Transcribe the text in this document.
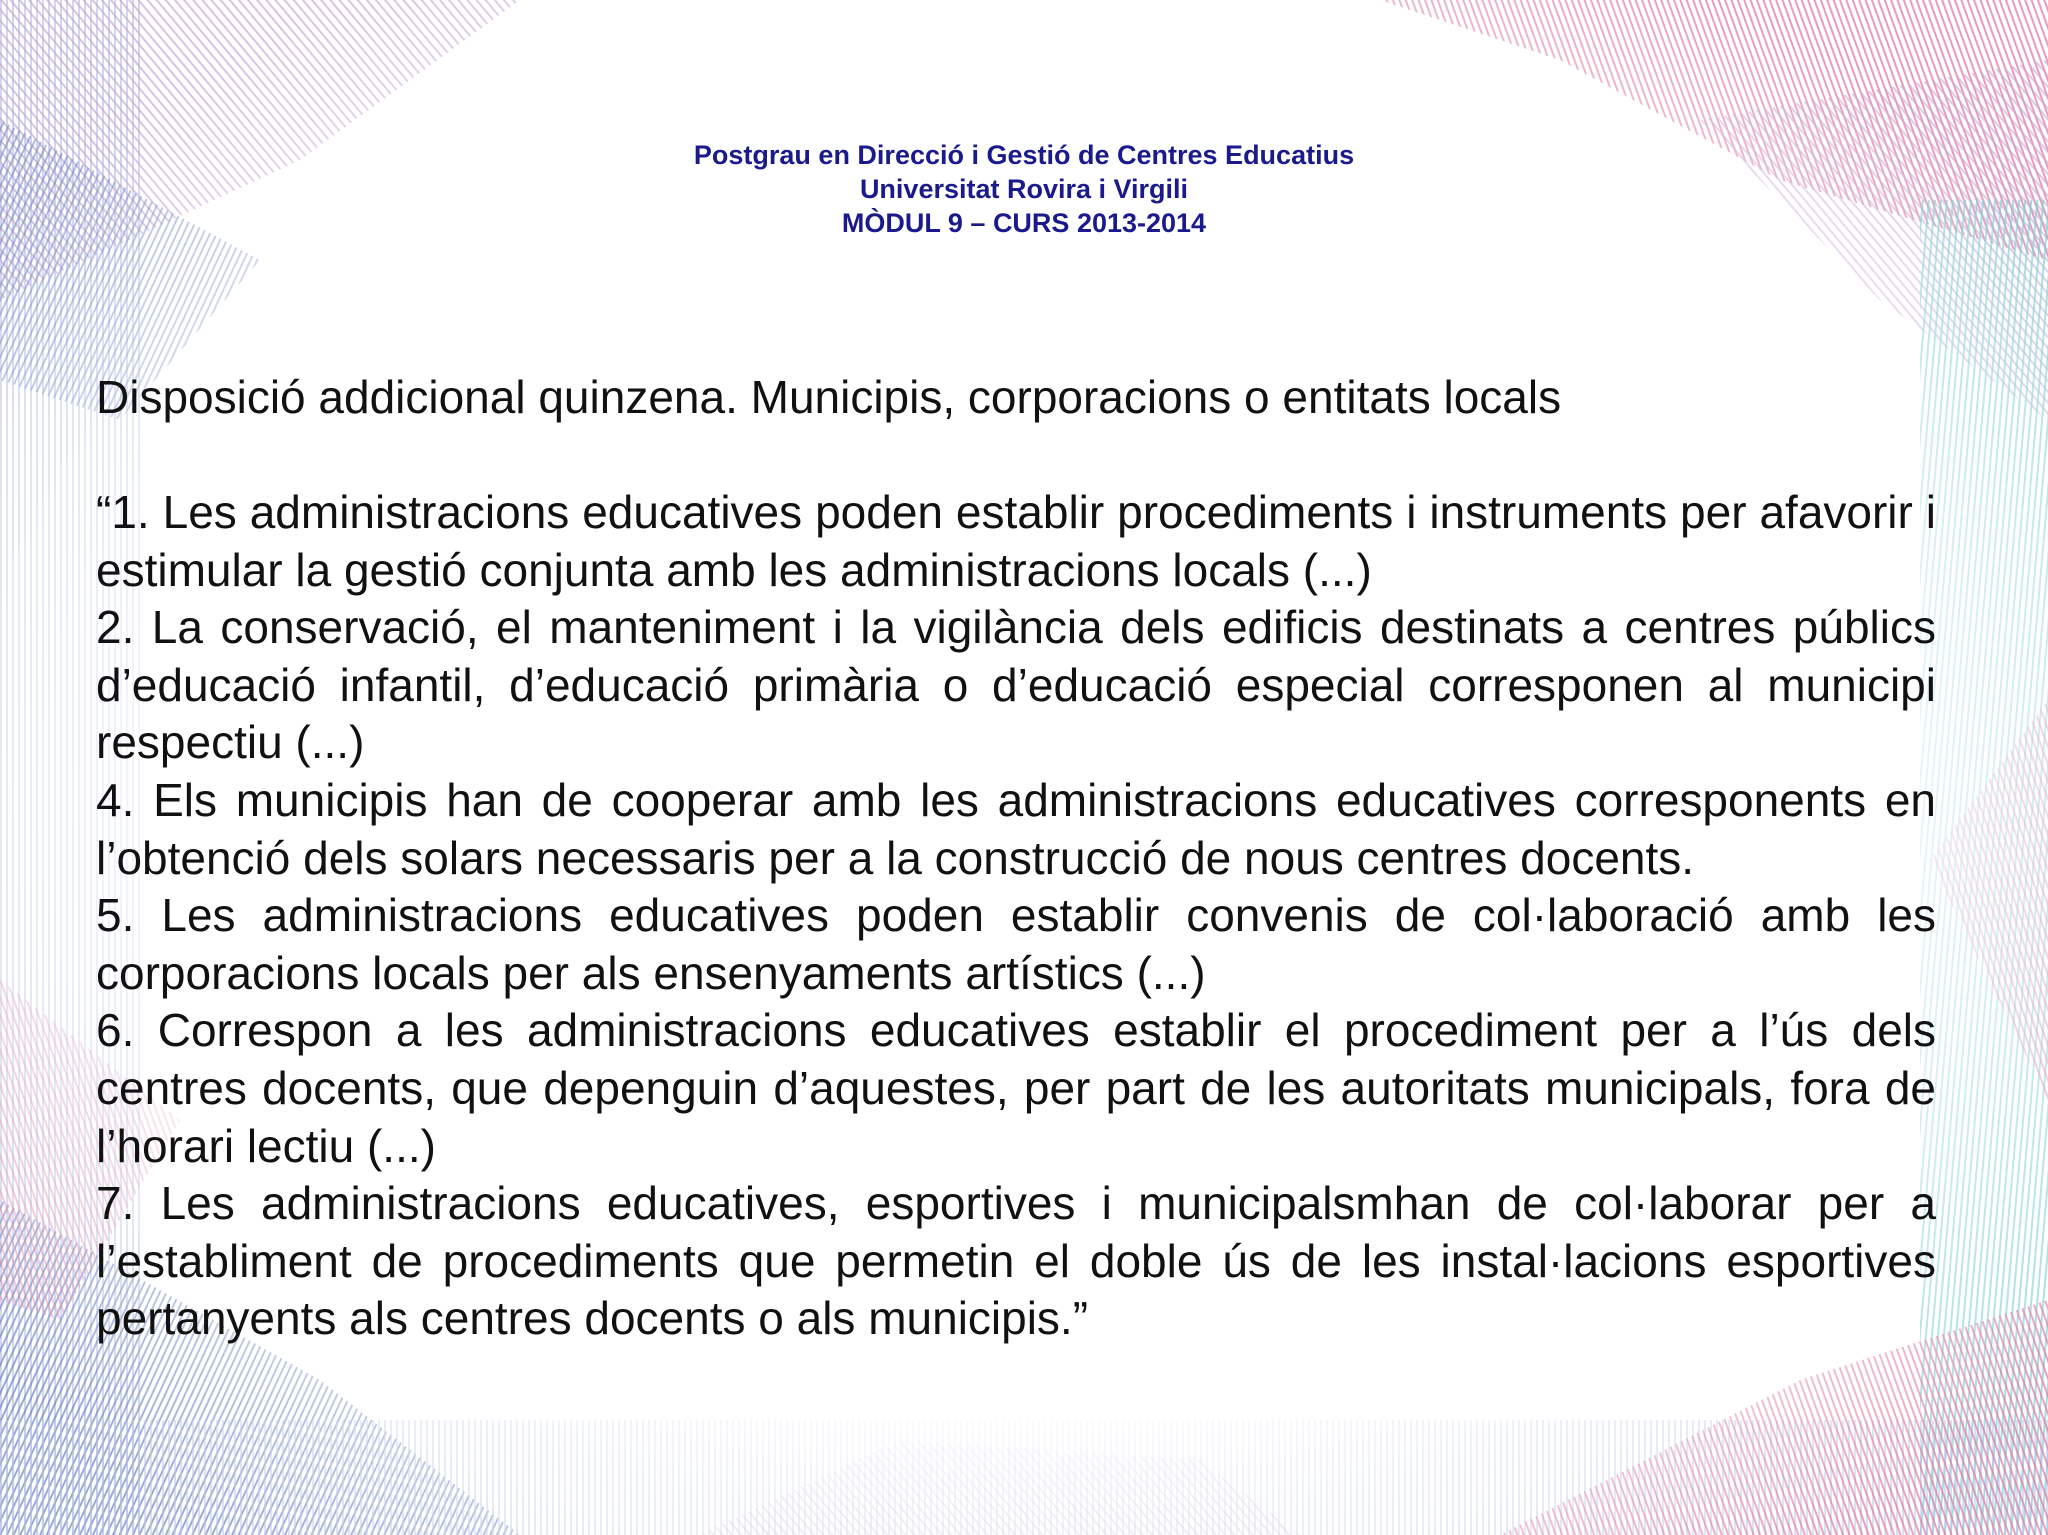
Postgrau en Direcció i Gestió de Centres Educatius
Universitat Rovira i Virgili
MÒDUL 9 – CURS 2013-2014
Disposició addicional quinzena. Municipis, corporacions o entitats locals

“1. Les administracions educatives poden establir procediments i instruments per afavorir i estimular la gestió conjunta amb les administracions locals (...)

2. La conservació, el manteniment i la vigilància dels edificis destinats a centres públics d’educació infantil, d’educació primària o d’educació especial corresponen al municipi respectiu (...)

4. Els municipis han de cooperar amb les administracions educatives corresponents en l’obtenció dels solars necessaris per a la construcció de nous centres docents.

5. Les administracions educatives poden establir convenis de col·laboració amb les corporacions locals per als ensenyaments artístics (...)

6. Correspon a les administracions educatives establir el procediment per a l’ús dels centres docents, que depenguin d’aquestes, per part de les autoritats municipals, fora de l’horari lectiu (...)

7. Les administracions educatives, esportives i municipalsmhan de col·laborar per a l’establiment de procediments que permetin el doble ús de les instal·lacions esportives pertanyents als centres docents o als municipis.”
